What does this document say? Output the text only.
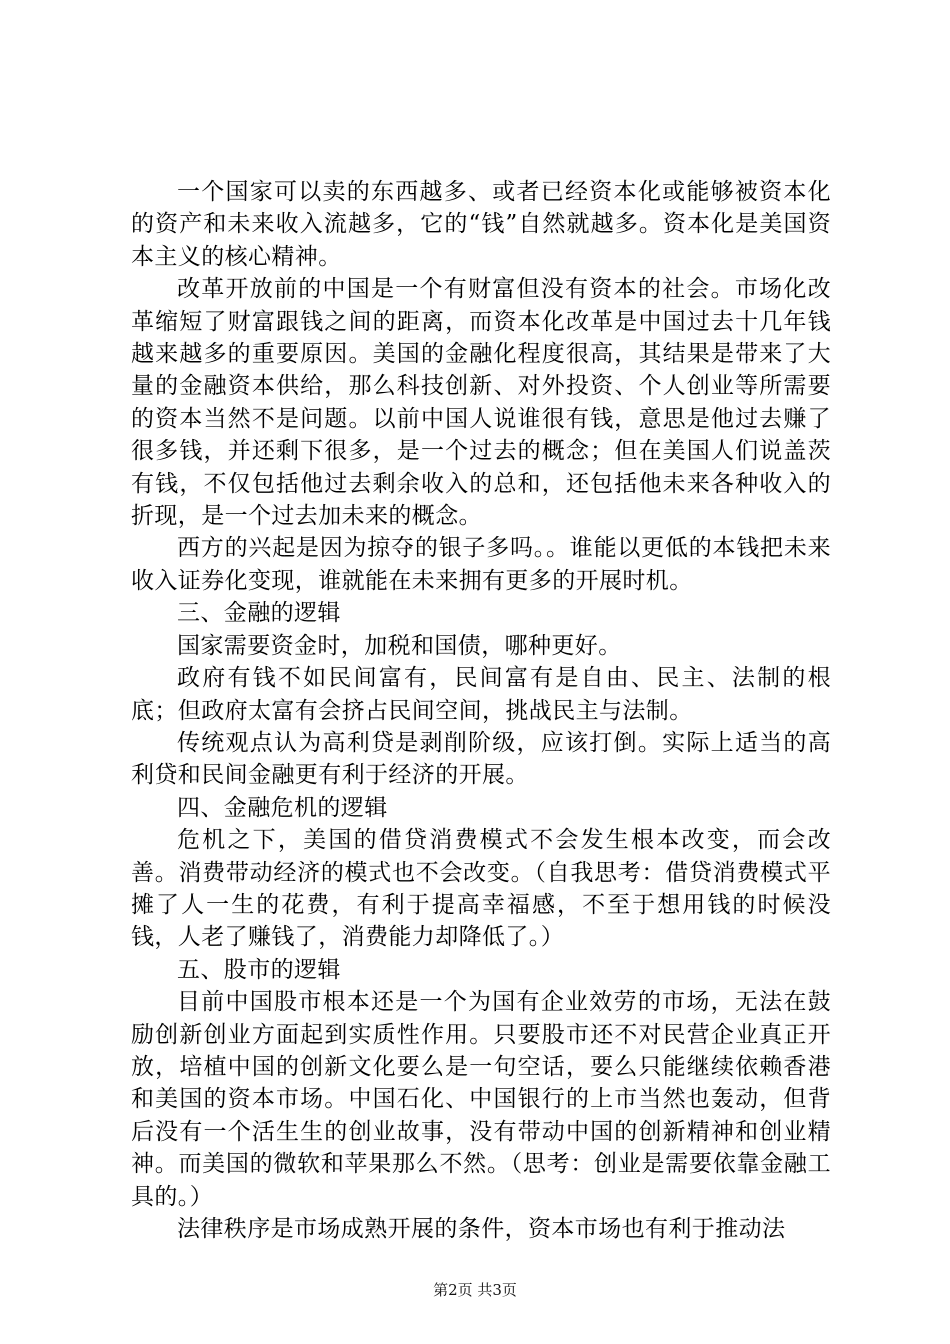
一个国家可以卖的东西越多、或者已经资本化或能够被资本化的资产和未来收入流越多，它的“钱”自然就越多。资本化是美国资本主义的核心精神。

改革开放前的中国是一个有财富但没有资本的社会。市场化改革缩短了财富跟钱之间的距离，而资本化改革是中国过去十几年钱越来越多的重要原因。美国的金融化程度很高，其结果是带来了大量的金融资本供给，那么科技创新、对外投资、个人创业等所需要的资本当然不是问题。以前中国人说谁很有钱，意思是他过去赚了很多钱，并还剩下很多，是一个过去的概念；但在美国人们说盖茨有钱，不仅包括他过去剩余收入的总和，还包括他未来各种收入的折现，是一个过去加未来的概念。

西方的兴起是因为掠夺的银子多吗。。谁能以更低的本钱把未来收入证券化变现，谁就能在未来拥有更多的开展时机。

三、金融的逻辑

国家需要资金时，加税和国债，哪种更好。

政府有钱不如民间富有，民间富有是自由、民主、法制的根底；但政府太富有会挤占民间空间，挑战民主与法制。

传统观点认为高利贷是剥削阶级，应该打倒。实际上适当的高利贷和民间金融更有利于经济的开展。

四、金融危机的逻辑

危机之下，美国的借贷消费模式不会发生根本改变，而会改善。消费带动经济的模式也不会改变。（自我思考：借贷消费模式平摊了人一生的花费，有利于提高幸福感，不至于想用钱的时候没钱，人老了赚钱了，消费能力却降低了。）

五、股市的逻辑

目前中国股市根本还是一个为国有企业效劳的市场，无法在鼓励创新创业方面起到实质性作用。只要股市还不对民营企业真正开放，培植中国的创新文化要么是一句空话，要么只能继续依赖香港和美国的资本市场。中国石化、中国银行的上市当然也轰动，但背后没有一个活生生的创业故事，没有带动中国的创新精神和创业精神。而美国的微软和苹果那么不然。（思考：创业是需要依靠金融工具的。）

法律秩序是市场成熟开展的条件，资本市场也有利于推动法

第2页 共3页
